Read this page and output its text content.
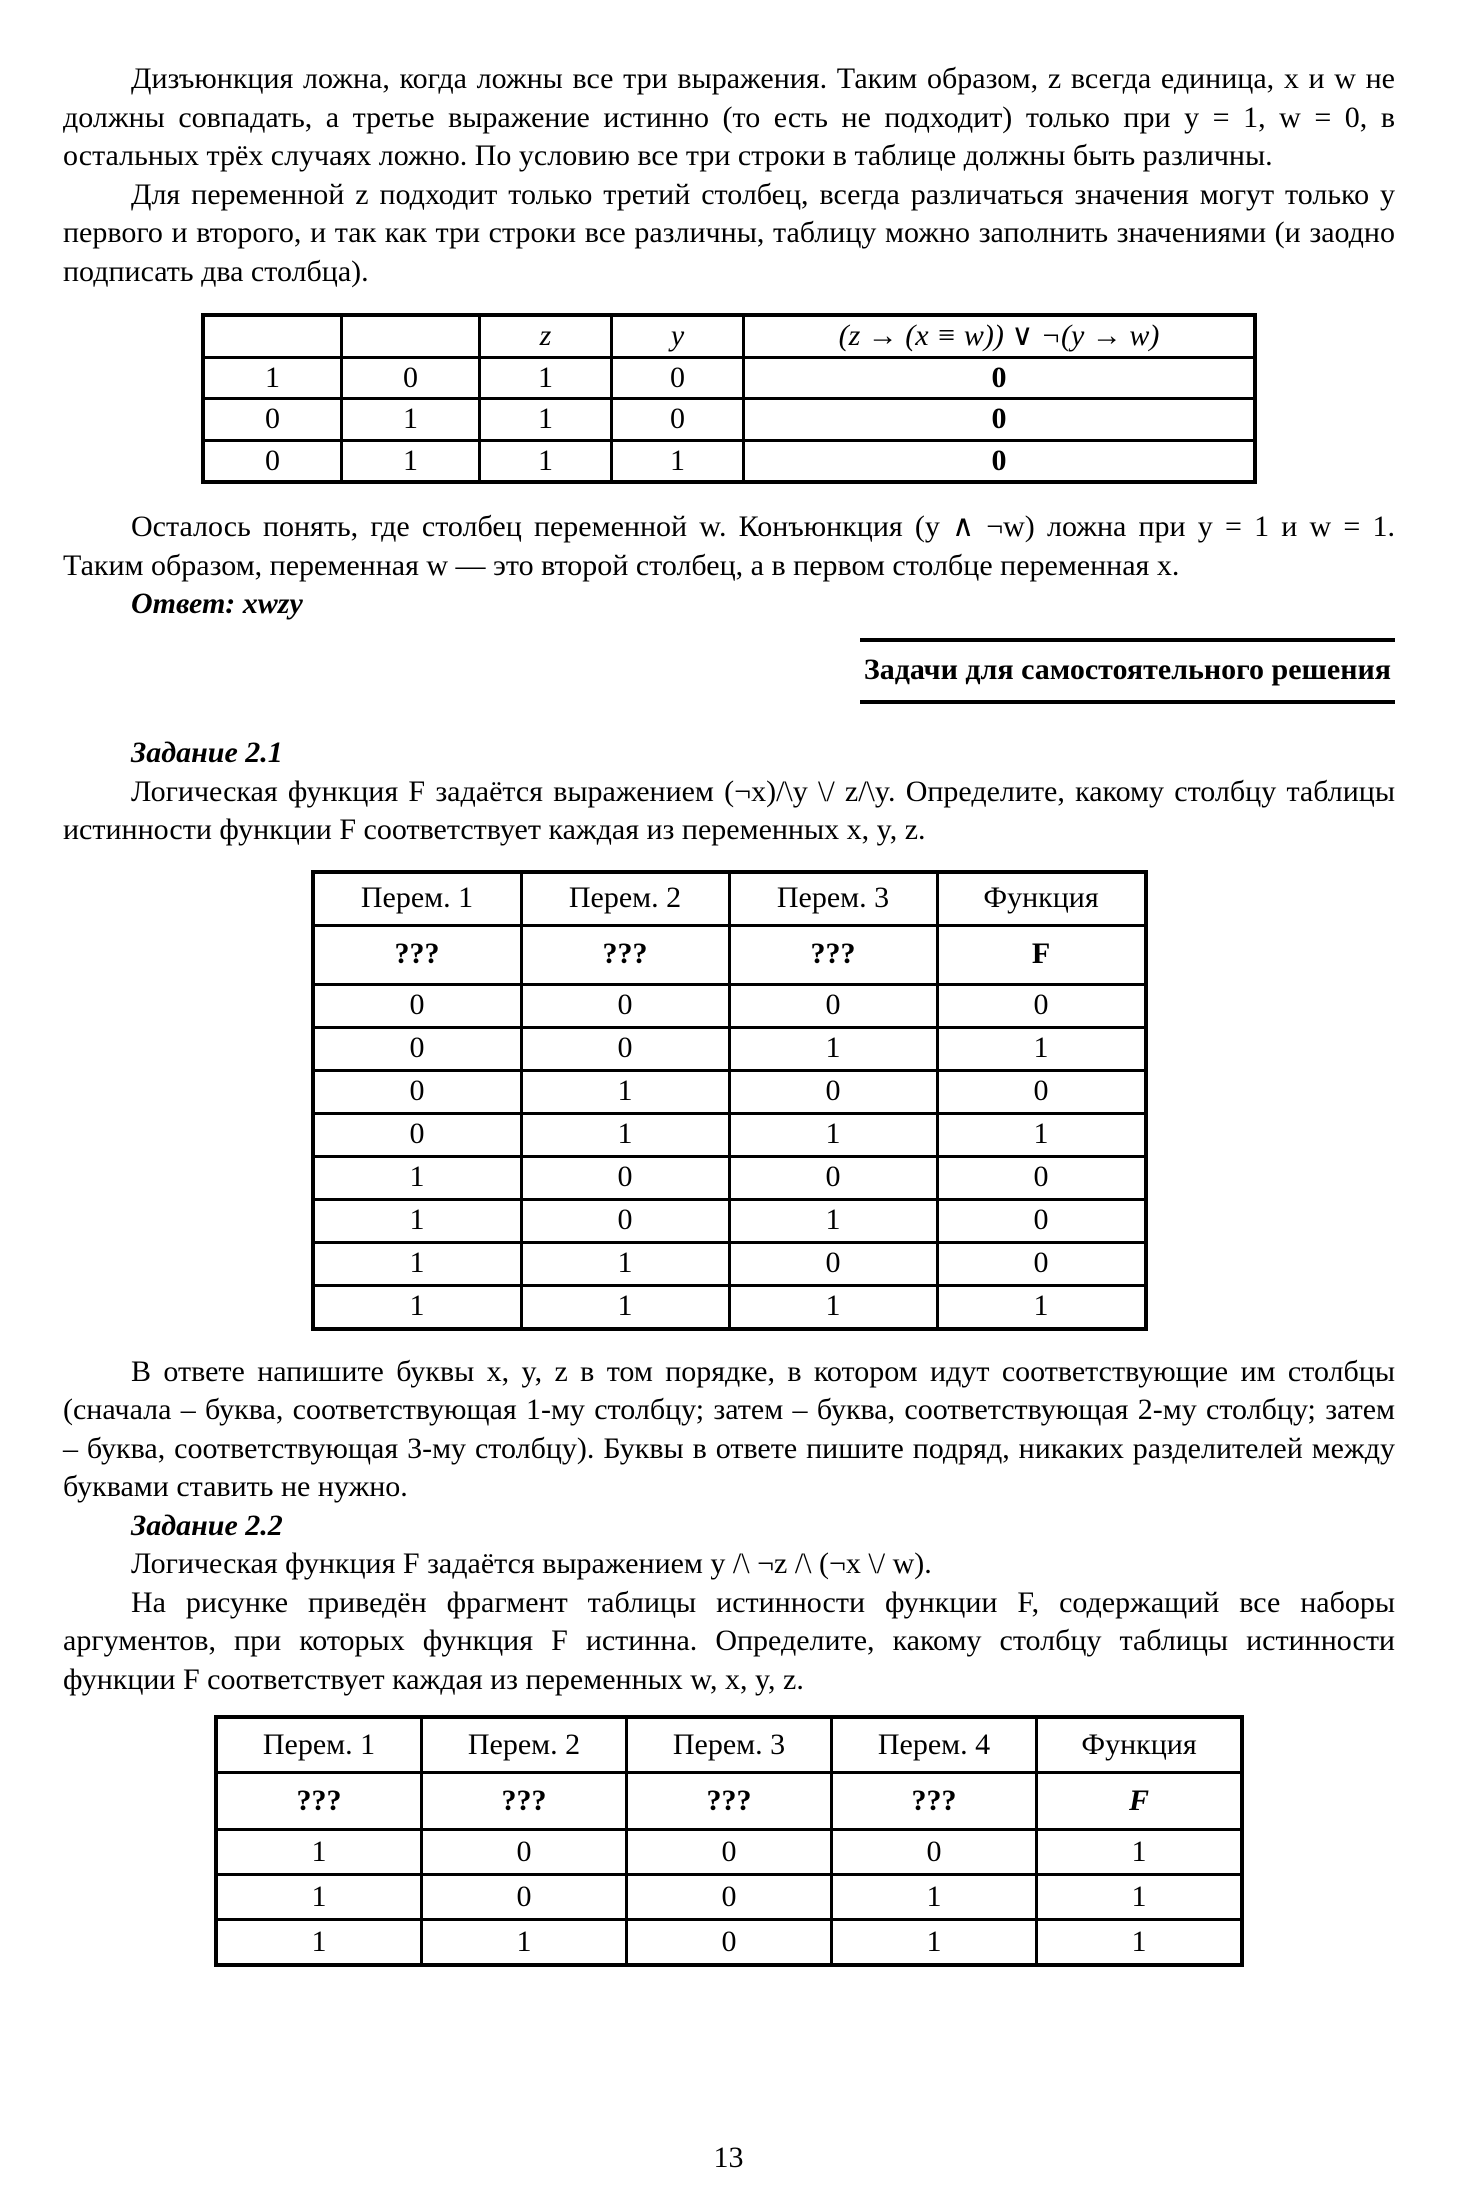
Дизъюнкция ложна, когда ложны все три выражения. Таким образом, z всегда единица, x и w не должны совпадать, а третье выражение истинно (то есть не подходит) только при y = 1, w = 0, в остальных трёх случаях ложно. По условию все три строки в таблице должны быть различны.

Для переменной z подходит только третий столбец, всегда различаться значения могут только у первого и второго, и так как три строки все различны, таблицу можно заполнить значениями (и заодно подписать два столбца).

		z	y	(z → (x ≡ w)) ∨ ¬(y → w)
1	0	1	0	0
0	1	1	0	0
0	1	1	1	0

Осталось понять, где столбец переменной w. Конъюнкция (y ∧ ¬w) ложна при y = 1 и w = 1. Таким образом, переменная w — это второй столбец, а в первом столбце переменная x.

Ответ: xwzy

Задачи для самостоятельного решения

Задание 2.1

Логическая функция F задаётся выражением (¬x)/\y \/ z/\y. Определите, какому столбцу таблицы истинности функции F соответствует каждая из переменных x, y, z.

Перем. 1	Перем. 2	Перем. 3	Функция
???	???	???	F
0	0	0	0
0	0	1	1
0	1	0	0
0	1	1	1
1	0	0	0
1	0	1	0
1	1	0	0
1	1	1	1

В ответе напишите буквы x, y, z в том порядке, в котором идут соответствующие им столбцы (сначала – буква, соответствующая 1-му столбцу; затем – буква, соответствующая 2-му столбцу; затем – буква, соответствующая 3-му столбцу). Буквы в ответе пишите подряд, никаких разделителей между буквами ставить не нужно.

Задание 2.2

Логическая функция F задаётся выражением y /\ ¬z /\ (¬x \/ w).

На рисунке приведён фрагмент таблицы истинности функции F, содержащий все наборы аргументов, при которых функция F истинна. Определите, какому столбцу таблицы истинности функции F соответствует каждая из переменных w, x, y, z.

Перем. 1	Перем. 2	Перем. 3	Перем. 4	Функция
???	???	???	???	F
1	0	0	0	1
1	0	0	1	1
1	1	0	1	1
13
